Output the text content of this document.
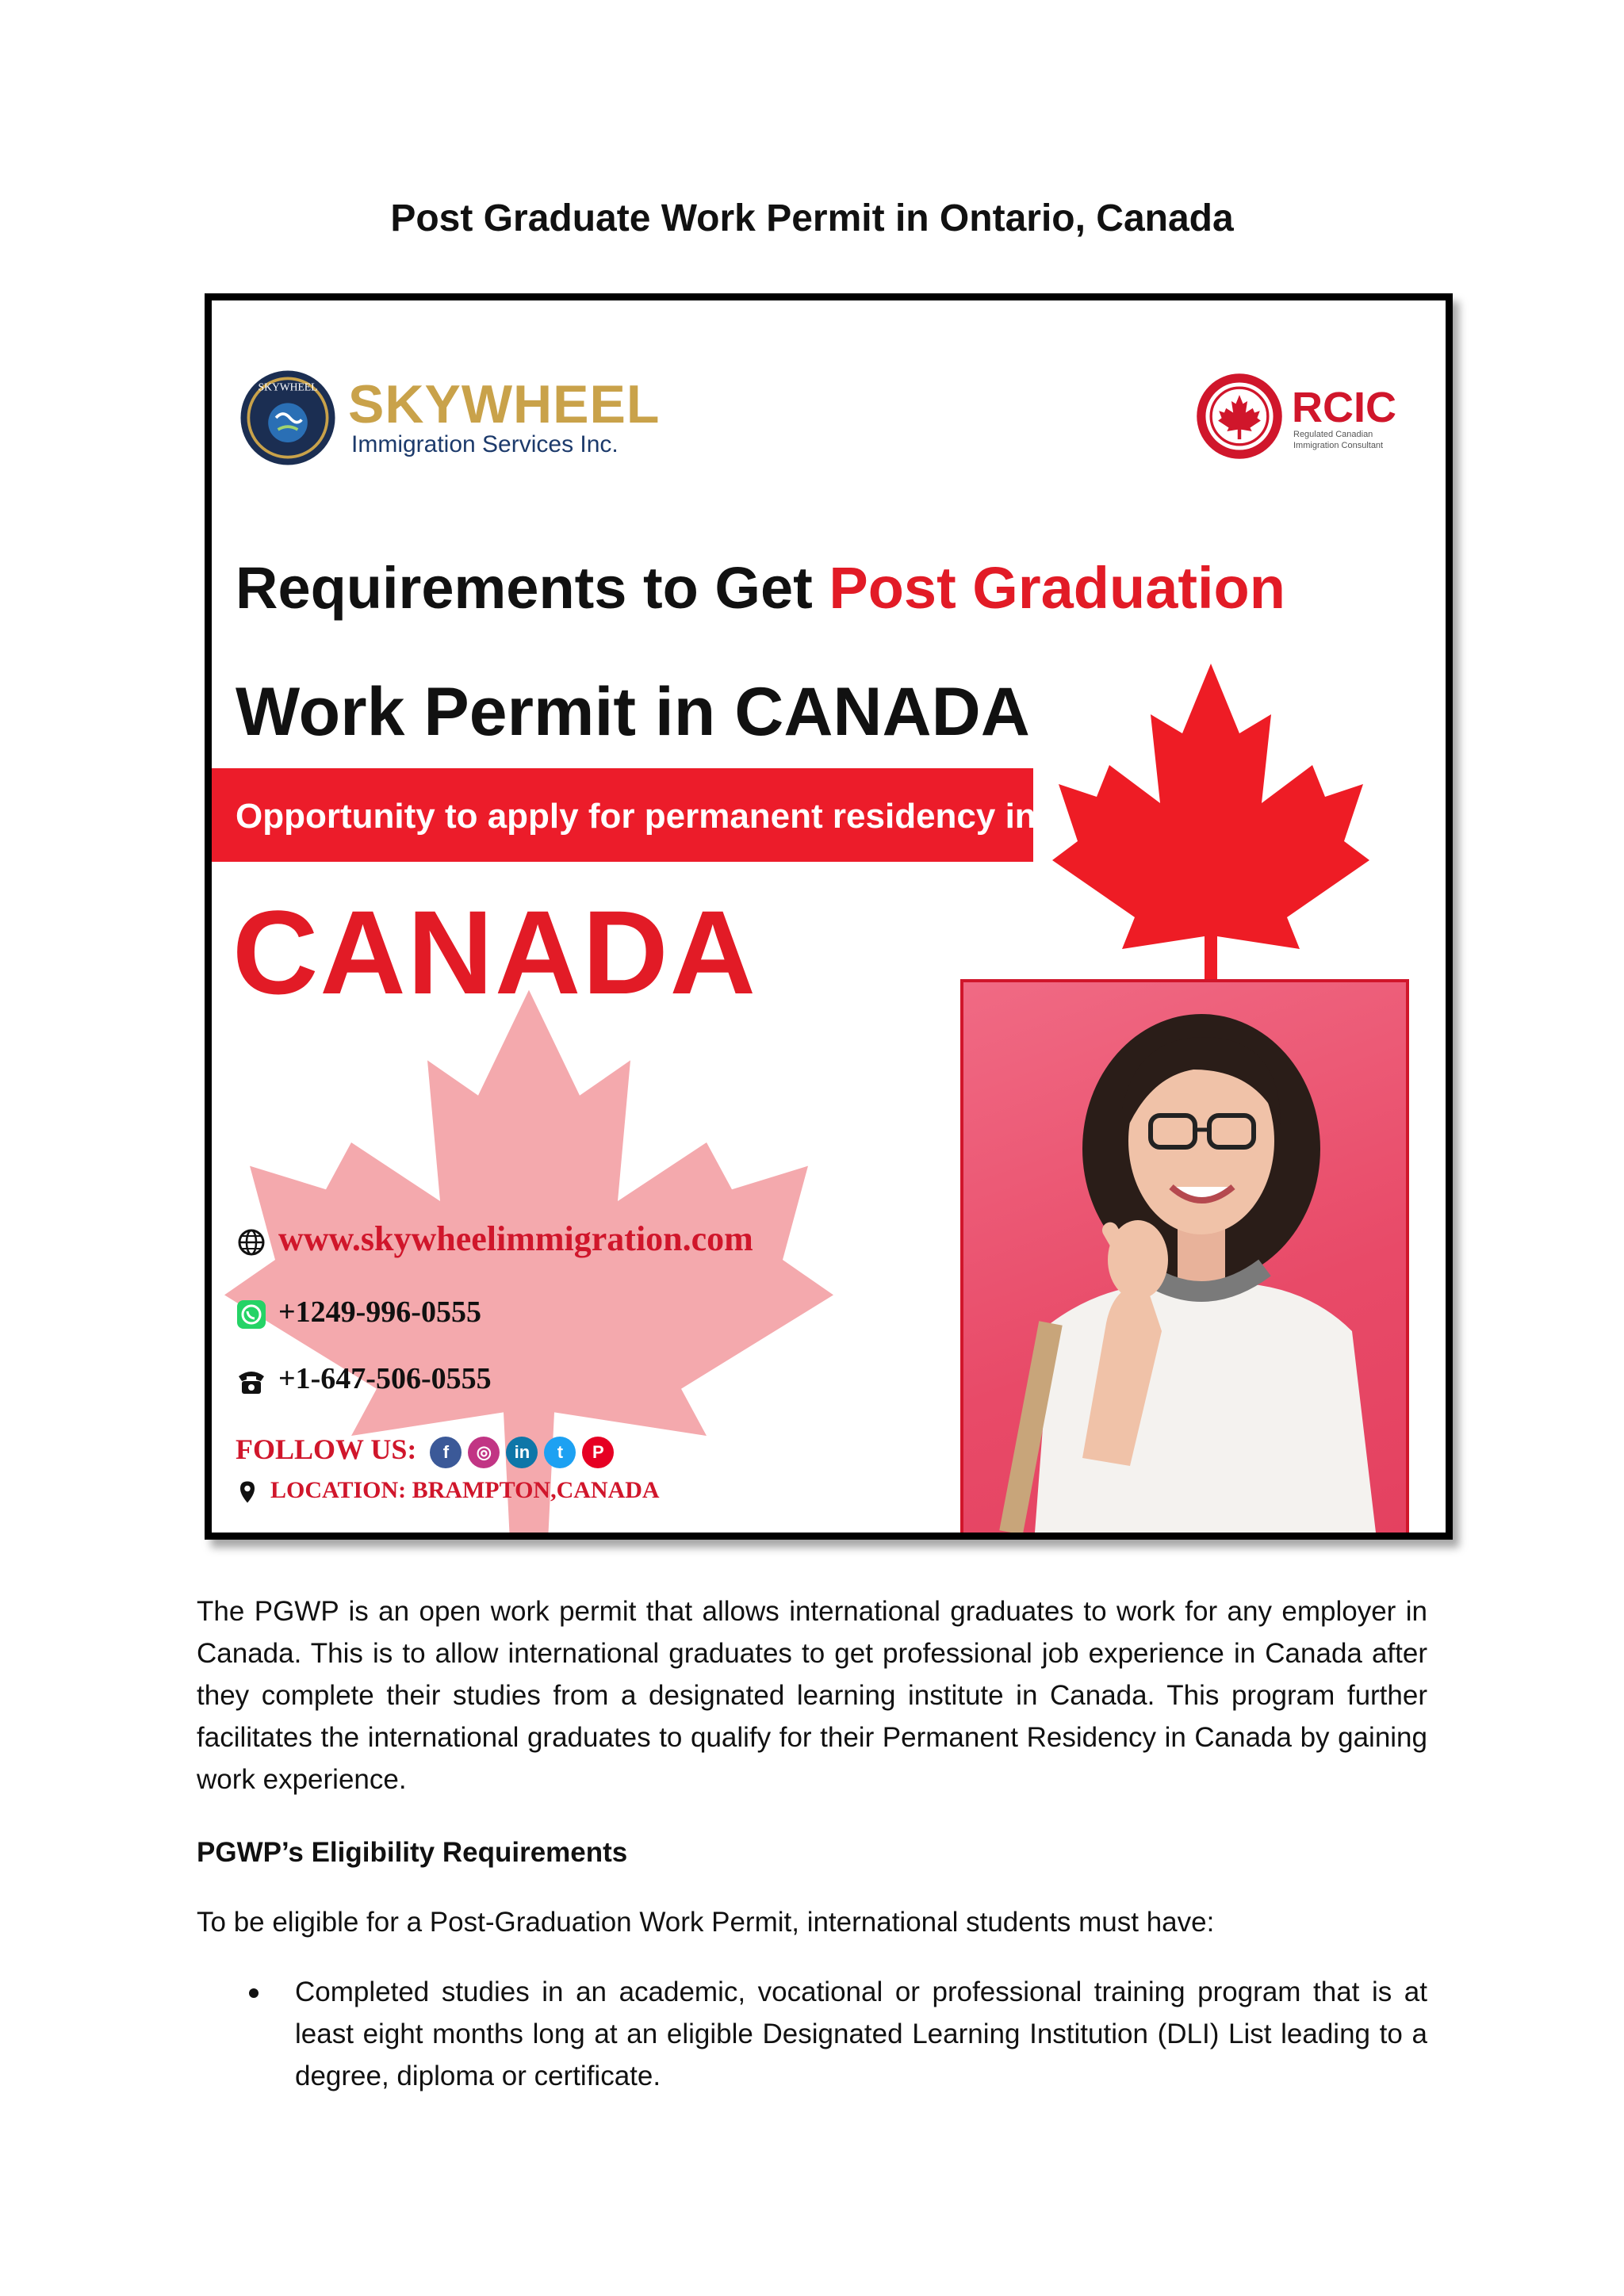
Post Graduate Work Permit in Ontario, Canada
SKYWHEEL SKYWHEEL
Immigration Services Inc.
RCIC
Regulated Canadian Immigration Consultant
Requirements to Get Post Graduation
Work Permit in CANADA
Opportunity to apply for permanent residency in
CANADA
www.skywheelimmigration.com
+1249-996-0555
+1-647-506-0555
FOLLOW US: f ◎ in t P
LOCATION: BRAMPTON,CANADA
The PGWP is an open work permit that allows international graduates to work for any employer in Canada. This is to allow international graduates to get professional job experience in Canada after they complete their studies from a designated learning institute in Canada. This program further facilitates the international graduates to qualify for their Permanent Residency in Canada by gaining work experience.
PGWP’s Eligibility Requirements
To be eligible for a Post-Graduation Work Permit, international students must have:
Completed studies in an academic, vocational or professional training program that is at least eight months long at an eligible Designated Learning Institution (DLI) List leading to a degree, diploma or certificate.
